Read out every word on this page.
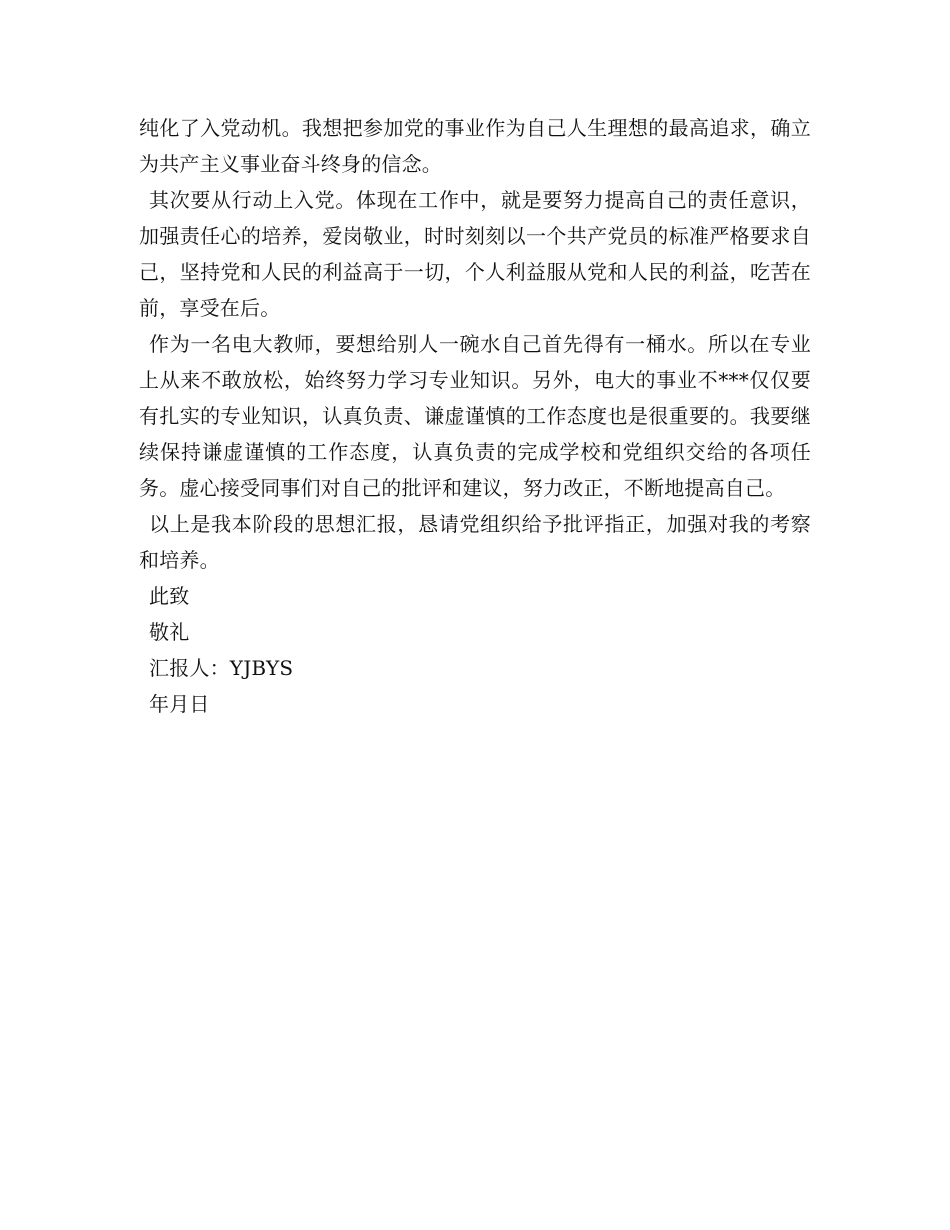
纯化了入党动机。我想把参加党的事业作为自己人生理想的最高追求，确立为共产主义事业奋斗终身的信念。

其次要从行动上入党。体现在工作中，就是要努力提高自己的责任意识，加强责任心的培养，爱岗敬业，时时刻刻以一个共产党员的标准严格要求自己，坚持党和人民的利益高于一切，个人利益服从党和人民的利益，吃苦在前，享受在后。

作为一名电大教师，要想给别人一碗水自己首先得有一桶水。所以在专业上从来不敢放松，始终努力学习专业知识。另外，电大的事业不***仅仅要有扎实的专业知识，认真负责、谦虚谨慎的工作态度也是很重要的。我要继续保持谦虚谨慎的工作态度，认真负责的完成学校和党组织交给的各项任务。虚心接受同事们对自己的批评和建议，努力改正，不断地提高自己。

以上是我本阶段的思想汇报，恳请党组织给予批评指正，加强对我的考察和培养。

此致

敬礼

汇报人：YJBYS

年月日
